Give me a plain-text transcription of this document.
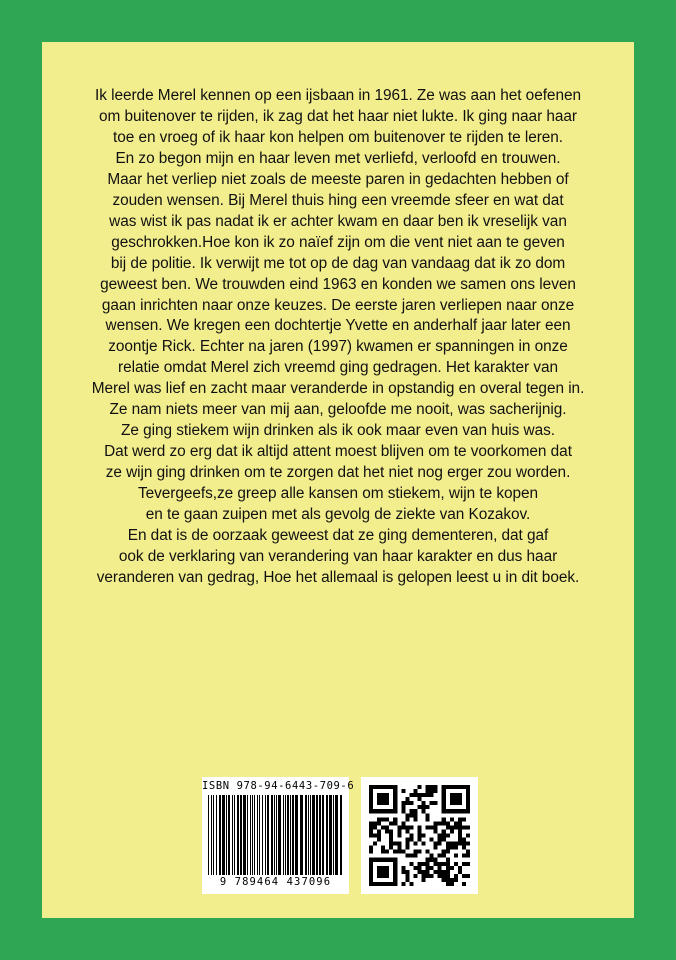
Ik leerde Merel kennen op een ijsbaan in 1961. Ze was aan het oefenen
om buitenover te rijden, ik zag dat het haar niet lukte. Ik ging naar haar
toe en vroeg of ik haar kon helpen om buitenover te rijden te leren.
En zo begon mijn en haar leven met verliefd, verloofd en trouwen.
Maar het verliep niet zoals de meeste paren in gedachten hebben of
zouden wensen. Bij Merel thuis hing een vreemde sfeer en wat dat
was wist ik pas nadat ik er achter kwam en daar ben ik vreselijk van
geschrokken.Hoe kon ik zo naïef zijn om die vent niet aan te geven
bij de politie. Ik verwijt me tot op de dag van vandaag dat ik zo dom
geweest ben. We trouwden eind 1963 en konden we samen ons leven
gaan inrichten naar onze keuzes. De eerste jaren verliepen naar onze
wensen. We kregen een dochtertje Yvette en anderhalf jaar later een
zoontje Rick. Echter na jaren (1997) kwamen er spanningen in onze
relatie omdat Merel zich vreemd ging gedragen. Het karakter van
Merel was lief en zacht maar veranderde in opstandig en overal tegen in.
Ze nam niets meer van mij aan, geloofde me nooit, was sacherijnig.
Ze ging stiekem wijn drinken als ik ook maar even van huis was.
Dat werd zo erg dat ik altijd attent moest blijven om te voorkomen dat
ze wijn ging drinken om te zorgen dat het niet nog erger zou worden.
Tevergeefs,ze greep alle kansen om stiekem, wijn te kopen
en te gaan zuipen met als gevolg de ziekte van Kozakov.
En dat is de oorzaak geweest dat ze ging dementeren, dat gaf
ook de verklaring van verandering van haar karakter en dus haar
veranderen van gedrag, Hoe het allemaal is gelopen leest u in dit boek.
ISBN 978-94-6443-709-6
9 789464 437096
